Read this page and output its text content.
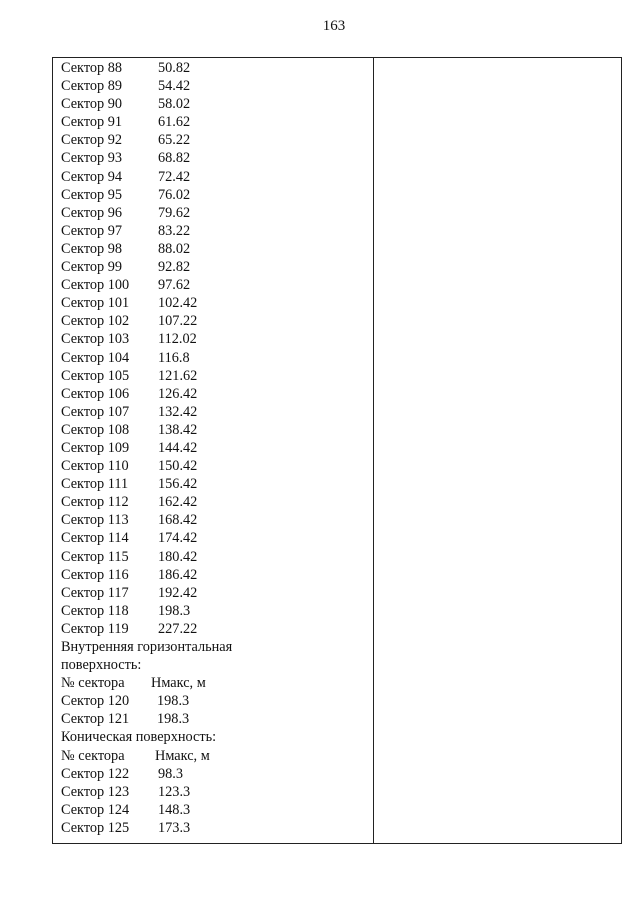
163
Сектор 88	50.82
Сектор 89	54.42
Сектор 90	58.02
Сектор 91	61.62
Сектор 92	65.22
Сектор 93	68.82
Сектор 94	72.42
Сектор 95	76.02
Сектор 96	79.62
Сектор 97	83.22
Сектор 98	88.02
Сектор 99	92.82
Сектор 100 97.62
Сектор 101 102.42
Сектор 102 107.22
Сектор 103 112.02
Сектор 104 116.8
Сектор 105 121.62
Сектор 106 126.42
Сектор 107 132.42
Сектор 108 138.42
Сектор 109 144.42
Сектор 110 150.42
Сектор 111 156.42
Сектор 112 162.42
Сектор 113 168.42
Сектор 114 174.42
Сектор 115 180.42
Сектор 116 186.42
Сектор 117 192.42
Сектор 118 198.3
Сектор 119 227.22
Внутренняя горизонтальная
поверхность:
№ сектора Нмакс, м
Сектор 120 198.3
Сектор 121 198.3
Коническая поверхность:
№ сектора Нмакс, м
Сектор 122 98.3
Сектор 123 123.3
Сектор 124 148.3
Сектор 125 173.3
